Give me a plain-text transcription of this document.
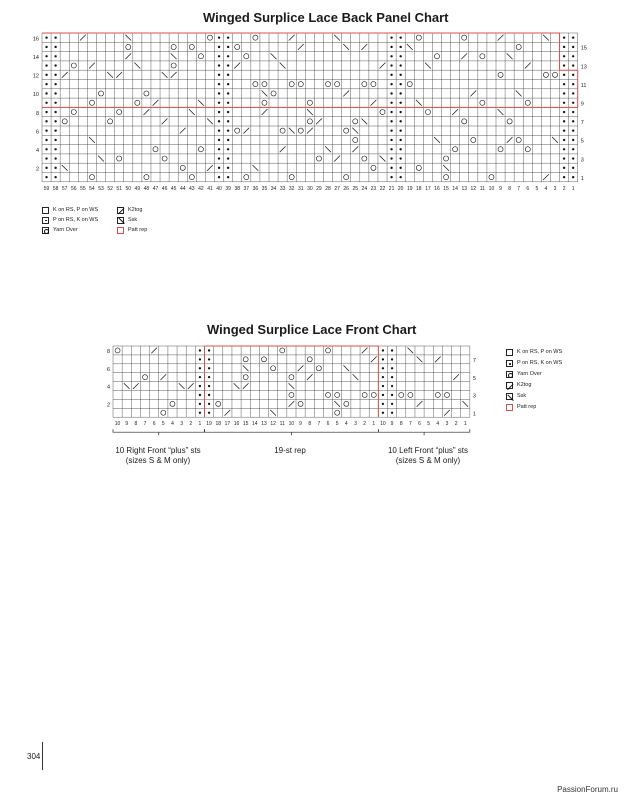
Winged Surplice Lace Back Panel Chart
Winged Surplice Lace Front Chart
16
14
12
10
8
6
4
2
15
13
11
9
7
5
3
1
59 58 57 56 55 54 53 52 51 50 49 48 47 46 45 44 43 42 41 40 39 38 37 36 35 34 33 32 31 30 29 28 27 26 25 24 23 22 21 20 19 18 17 16 15 14 13 12 11 10 9 8 7 6 5 4 3 2 1
8
6
4
2
7
5
3
1
10 9 8 7 6 5 4 3 2 1 19 18 17 16 15 14 13 12 11 10 9 8 7 6 5 4 3 2 1 10 9 8 7 6 5 4 3 2 1
K on RS, P on WS
P on RS, K on WS
Yarn Over
K2tog
Ssk
Patt rep
K on RS, P on WS
P on RS, K on WS
Yarn Over
K2tog
Ssk
Patt rep
10 Right Front “plus” sts
(sizes S & M only)
19-st rep	10 Left Front “plus” sts
(sizes S & M only)
304
PassionForum.ru
